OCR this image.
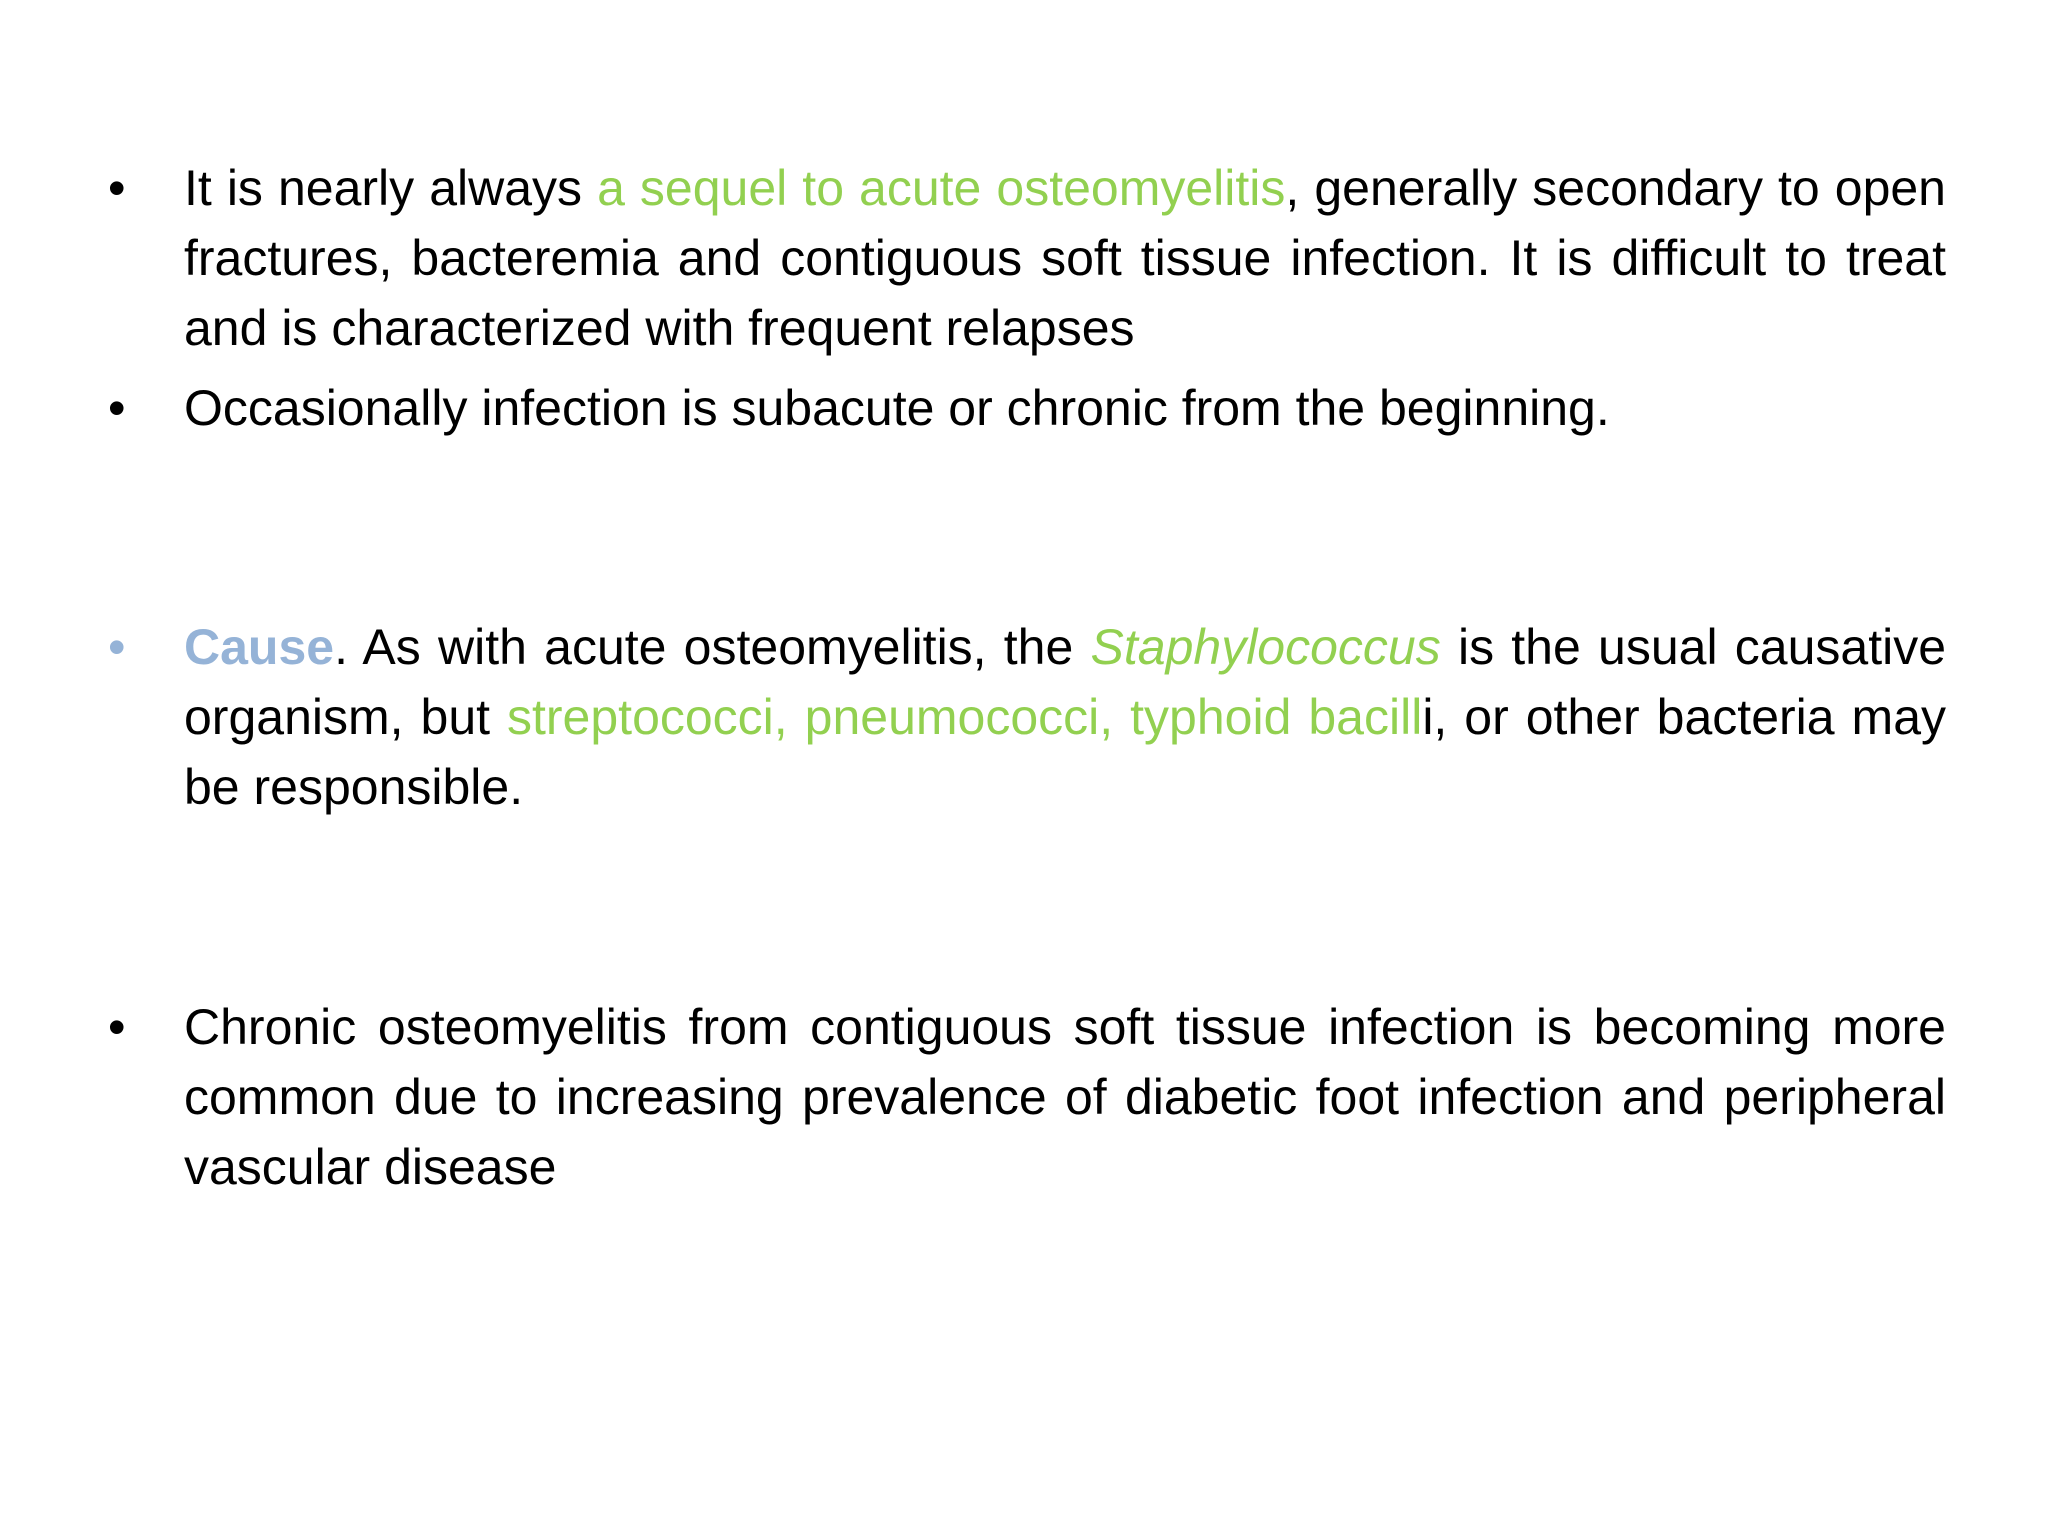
• It is nearly always a sequel to acute osteomyelitis, generally secondary to open fractures, bacteremia and contiguous soft tissue infection. It is difficult to treat and is characterized with frequent relapses

• Occasionally infection is subacute or chronic from the beginning.

• Cause. As with acute osteomyelitis, the Staphylococcus is the usual causative organism, but streptococci, pneumococci, typhoid bacilli, or other bacteria may be responsible.

• Chronic osteomyelitis from contiguous soft tissue infection is becoming more common due to increasing prevalence of diabetic foot infection and peripheral vascular disease
